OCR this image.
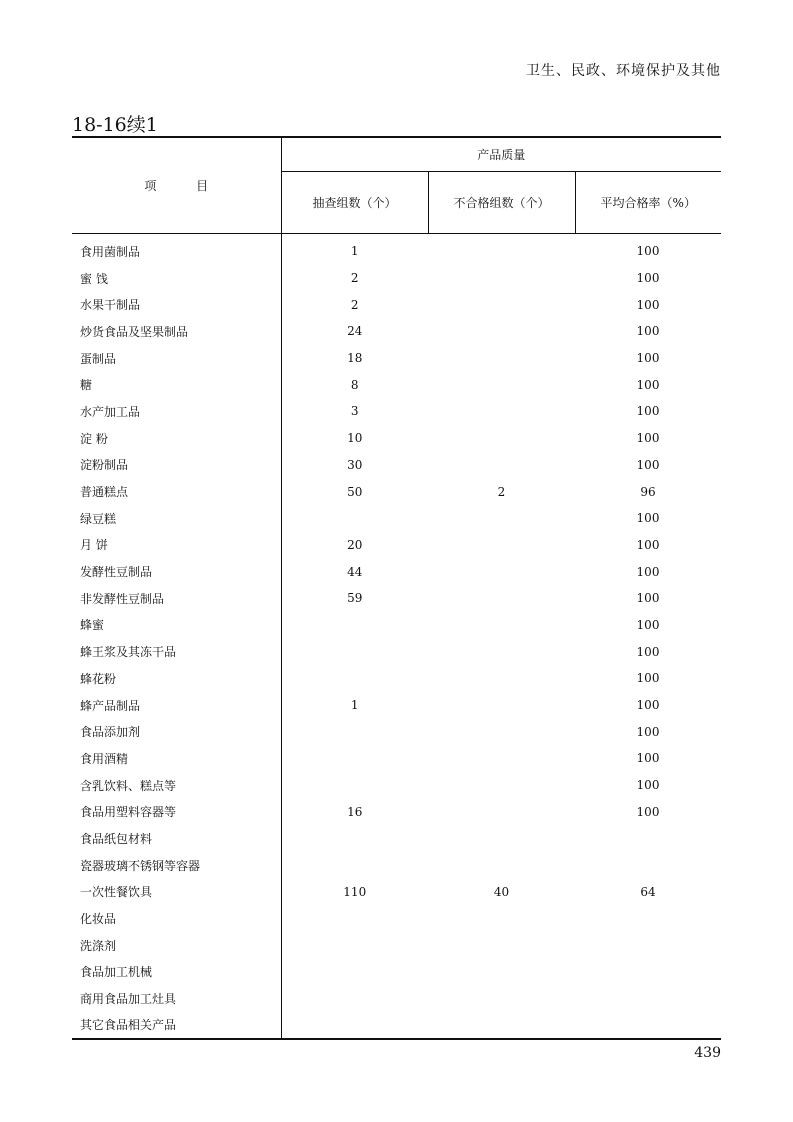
卫生、民政、环境保护及其他
18-16续1
项 目	产品质量		
	抽查组数（个）	不合格组数（个）	平均合格率（%）
食用菌制品	1		100
蜜 饯	2		100
水果干制品	2		100
炒货食品及坚果制品	24		100
蛋制品	18		100
糖	8		100
水产加工品	3		100
淀 粉	10		100
淀粉制品	30		100
普通糕点	50	2	96
绿豆糕			100
月 饼	20		100
发酵性豆制品	44		100
非发酵性豆制品	59		100
蜂蜜			100
蜂王浆及其冻干品			100
蜂花粉			100
蜂产品制品	1		100
食品添加剂			100
食用酒精			100
含乳饮料、糕点等			100
食品用塑料容器等	16		100
食品纸包材料			
瓷器玻璃不锈钢等容器			
一次性餐饮具	110	40	64
化妆品			
洗涤剂			
食品加工机械			
商用食品加工灶具			
其它食品相关产品			
439
